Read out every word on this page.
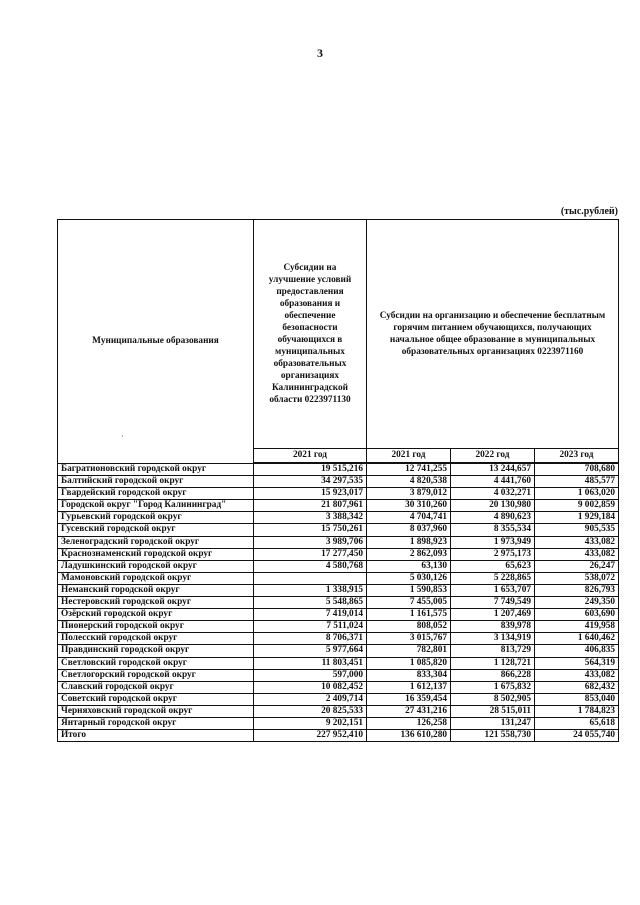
3
(тыс.рублей)
Муниципальные образования	Субсидии на улучшение условий предоставления образования и обеспечение безопасности обучающихся в муниципальных образовательных организациях Калининградской области 0223971130	Субсидии на организацию и обеспечение бесплатным горячим питанием обучающихся, получающих начальное общее образование в муниципальных образовательных организациях 0223971160		
	2021 год	2021 год	2022 год	2023 год
Багратионовский городской округ	19 515,216	12 741,255	13 244,657	708,680
Балтийский городской округ	34 297,535	4 820,538	4 441,760	485,577
Гвардейский городской округ	15 923,017	3 879,012	4 032,271	1 063,020
Городской округ "Город Калининград"	21 807,961	30 310,260	20 130,980	9 002,859
Гурьевский городской округ	3 388,342	4 704,741	4 890,623	1 929,184
Гусевский городской округ	15 750,261	8 037,960	8 355,534	905,535
Зеленоградский городской округ	3 989,706	1 898,923	1 973,949	433,082
Краснознаменский городской округ	17 277,450	2 862,093	2 975,173	433,082
Ладушкинский городской округ	4 580,768	63,130	65,623	26,247
Мамоновский городской округ		5 030,126	5 228,865	538,072
Неманский городской округ	1 338,915	1 590,853	1 653,707	826,793
Нестеровский городской округ	5 548,865	7 455,005	7 749,549	249,350
Озёрский городской округ	7 419,014	1 161,575	1 207,469	603,690
Пионерский городской округ	7 511,024	808,052	839,978	419,958
Полесский городской округ	8 706,371	3 015,767	3 134,919	1 640,462
Правдинский городской округ	5 977,664	782,801	813,729	406,835
Светловский городской округ	11 803,451	1 085,820	1 128,721	564,319
Светлогорский городской округ	597,000	833,304	866,228	433,082
Славский городской округ	10 082,452	1 612,137	1 675,832	682,432
Советский городской округ	2 409,714	16 359,454	8 502,905	853,040
Черняховский городской округ	20 825,533	27 431,216	28 515,011	1 784,823
Янтарный городской округ	9 202,151	126,258	131,247	65,618
Итого	227 952,410	136 610,280	121 558,730	24 055,740
·
